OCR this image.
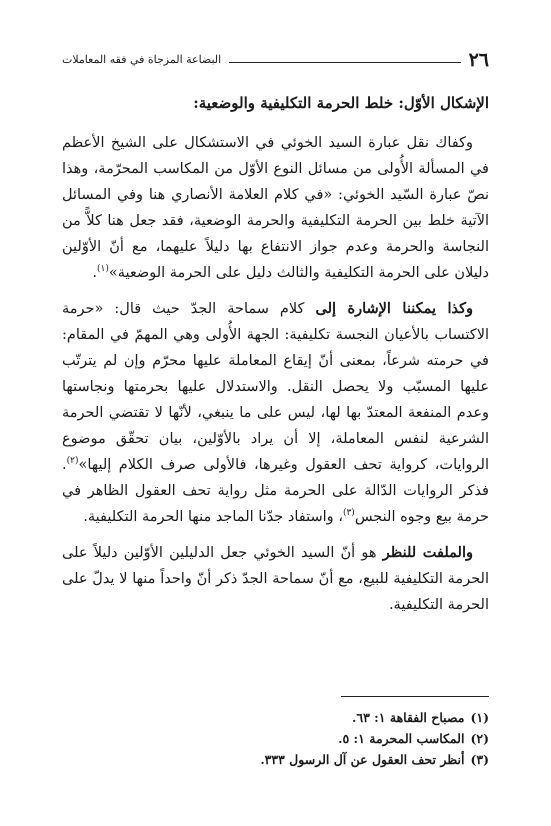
٢٦
البضاعة المزجاة في فقه المعاملات
الإشكال الأوّل: خلط الحرمة التكليفية والوضعية:

وكفاك نقل عبارة السيد الخوئي في الاستشكال على الشيخ الأعظم في المسألة الأُولى من مسائل النوع الأوّل من المكاسب المحرّمة، وهذا نصّ عبارة السّيد الخوئي: «في كلام العلامة الأنصاري هنا وفي المسائل الآتية خلط بين الحرمة التكليفية والحرمة الوضعية، فقد جعل هنا كلاًّ من النجاسة والحرمة وعدم جواز الانتفاع بها دليلاً عليهما، مع أنّ الأوّلين دليلان على الحرمة التكليفية والثالث دليل على الحرمة الوضعية»$^{(١)}$.

وكذا يمكننا الإشارة إلى كلام سماحة الجدّ حيث قال: «حرمة الاكتساب بالأعيان النجسة تكليفية: الجهة الأُولى وهي المهمّ في المقام: في حرمته شرعاً، بمعنى أنّ إيقاع المعاملة عليها محرّم وإن لم يترتّب عليها المسبّب ولا يحصل النقل. والاستدلال عليها بحرمتها ونجاستها وعدم المنفعة المعتدّ بها لها، ليس على ما ينبغي، لأنّها لا تقتضي الحرمة الشرعية لنفس المعاملة، إلا أن يراد بالأوّلين، بيان تحقّق موضوع الروايات، كرواية تحف العقول وغيرها، فالأولى صرف الكلام إليها»$^{(٢)}$. فذكر الروايات الدّالة على الحرمة مثل رواية تحف العقول الظاهر في حرمة بيع وجوه النجس$^{(٣)}$، واستفاد جدّنا الماجد منها الحرمة التكليفية.

والملفت للنظر هو أنّ السيد الخوئي جعل الدليلين الأوّلين دليلاً على الحرمة التكليفية للبيع، مع أنّ سماحة الجدّ ذكر أنّ واحداً منها لا يدلّ على الحرمة التكليفية.

(١)
مصباح الفقاهة ١: ٦٣.
(٢)
المكاسب المحرمة ١: ٥.
(٣)
أنظر تحف العقول عن آل الرسول ٣٣٣.
